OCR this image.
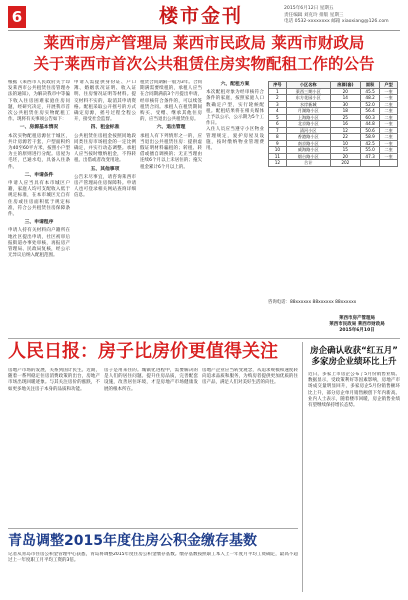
6	楼市金刊	2015年6月12日 星期五
责任编辑 刘克玲 排版 星期三
电话 0532-xxxxxxxx 邮箱 xiaoxiang@126.com
莱西市房产管理局 莱西市民政局 莱西市财政局
关于莱西市首次公共租赁住房实物配租工作的公告

根据《莱西市人民政府关于印发莱西市公共租赁住房管理办法的通知》，为解决我市中等偏下收入住房困难家庭住房问题，经研究决定，开展我市首次公共租赁住房实物配租工作。现将有关事项公告如下：

一、房源基本情况

本次实物配租房源位于城区，共计房源若干套，户型面积约为40至60平方米，按照小户型为主的原则进行分配。房屋为毛坯，已通水电，具备入住条件。

二、申请条件

申请人应当具有本市城区户籍，家庭人均可支配收入低于规定标准，在本市城区无自有住房或住房面积低于规定标准，符合公共租赁住房保障条件。

三、申请程序

申请人持有关材料向户籍所在地社区提出申请，社区初审后报街道办事处审核，再报房产管理局、民政局复核，经公示无异议后纳入配租范围。

申请人需提供身份证、户口簿、婚姻状况证明、收入证明、住房情况证明等材料。提交材料不实的，取消其申请资格。配租采取公开摇号的方式确定房源，摇号过程全程公开，接受社会监督。

四、租金标准

公共租赁住房租金按照同地段同类住房市场租金的一定比例确定，并实行动态调整。承租人应当按时缴纳租金，不得转租、出借或者改变用途。

五、其他事项

公告未尽事宜，请咨询莱西市房产管理局住房保障科。申请人也可登录相关网站查询详细信息。

租赁合同期限一般为3年。合同期满需要续租的，承租人应当在合同期满前3个月提出申请，经审核符合条件的，可以续签租赁合同。承租人在租赁期间购买、受赠、继承其他住房的，应当退出公共租赁住房。

六、退出管理

承租人有下列情形之一的，应当退出公共租赁住房：提供虚假证明材料骗租的；转租、转借或擅自调换的；无正当理由连续6个月以上未居住的；拖欠租金累计6个月以上的。

六、配租方案

本次配租对象为经审核符合条件的家庭，按照家庭人口数确定户型，实行轮候配租。配租结果将在相关媒体上予以公示，公示期为5个工作日。

入住人员应当遵守小区物业管理规定，爱护房屋及设施，按时缴纳物业管理费用。

序号	小区名称	房源(套)	面积	户型
1	莱西三期小区	20	45.5	一室
2	东方花园小区	14	48.2	一室
3	水岸新城	30	52.0	二室
4	月湖路小区	18	56.4	二室
5	上海路小区	25	60.3	二室
6	北京路小区	16	44.8	一室
7	清河小区	12	50.6	二室
8	香港路小区	22	58.9	二室
9	南京路小区	10	42.5	一室
10	威海路小区	15	55.0	二室
11	烟台路小区	20	47.3	一室
12	合计	202		
咨询电话：88xxxxxx 88xxxxxx 88xxxxxx
莱西市房产管理局
莱西市民政局 莱西市财政局
2015年6月10日
人民日报：房子比房价更值得关注

房地产市场的发展，关系到国计民生。近期，随着一系列稳定住房消费政策的出台，房地产市场出现回暖迹象。与其关注房价的涨跌，不如更多地关注房子本身的品质和功能。

房子是用来住的。城镇化进程中，需要解决的是人们的居住问题。提升住房品质，完善配套设施，改善居住环境，才是房地产市场健康发展的根本所在。

房地产企业应当转变观念，从追求规模和速度转向追求品质和服务，为购房者提供更加优质的住房产品，满足人们对美好生活的向往。

房企确认收获“红五月” 多家房企业绩环比上升

近日，多家上市房企公布了5月份销售业绩。数据显示，受政策利好等因素影响，房地产市场成交量明显回升，多家房企5月份销售额环比上升，部分房企单月销售额创下年内新高。业内人士表示，随着楼市回暖，房企销售业绩有望继续保持增长态势。

青岛调整2015年度住房公积金缴存基数

记者从青岛市住房公积金管理中心获悉，青岛将调整2015年度住房公积金缴存基数。缴存基数按照职工本人上一年度月平均工资确定，最高不超过上一年度职工月平均工资的3倍。
